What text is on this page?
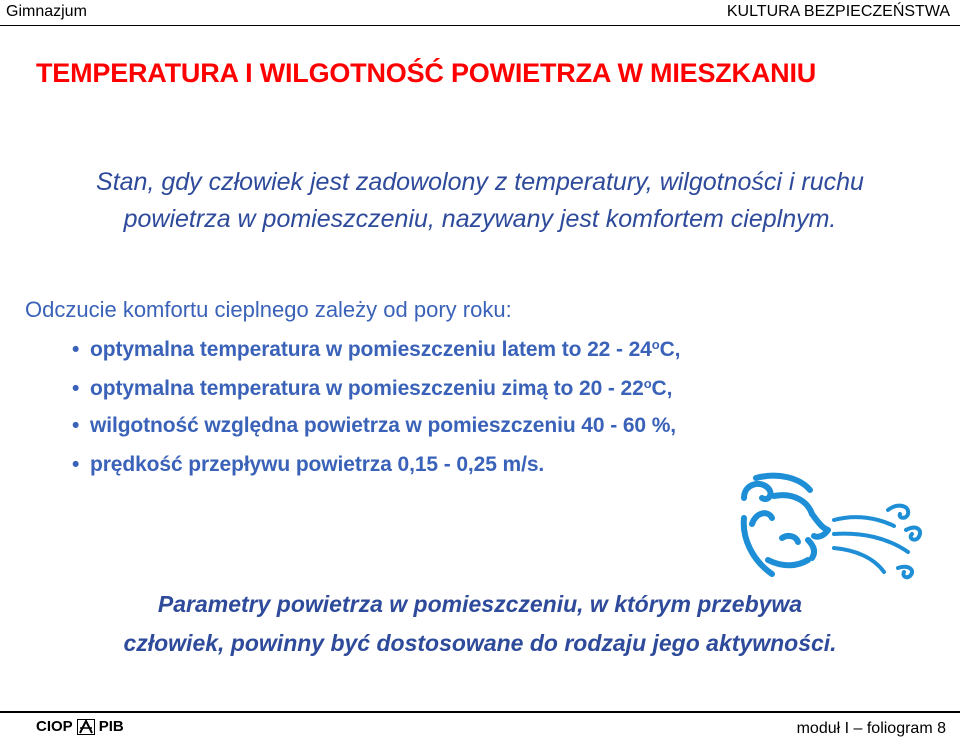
Gimnazjum	KULTURA BEZPIECZEŃSTWA
TEMPERATURA I WILGOTNOŚĆ POWIETRZA W MIESZKANIU
Stan, gdy człowiek jest zadowolony z temperatury, wilgotności i ruchu
powietrza w pomieszczeniu, nazywany jest komfortem cieplnym.
Odczucie komfortu cieplnego zależy od pory roku:
• optymalna temperatura w pomieszczeniu latem to 22 - 24$^o$C,
• optymalna temperatura w pomieszczeniu zimą to 20 - 22$^o$C,
• wilgotność względna powietrza w pomieszczeniu 40 - 60 %,
• prędkość przepływu powietrza 0,15 - 0,25 m/s.
Parametry powietrza w pomieszczeniu, w którym przebywa
człowiek, powinny być dostosowane do rodzaju jego aktywności.
CIOP PIB	moduł I – foliogram 8
